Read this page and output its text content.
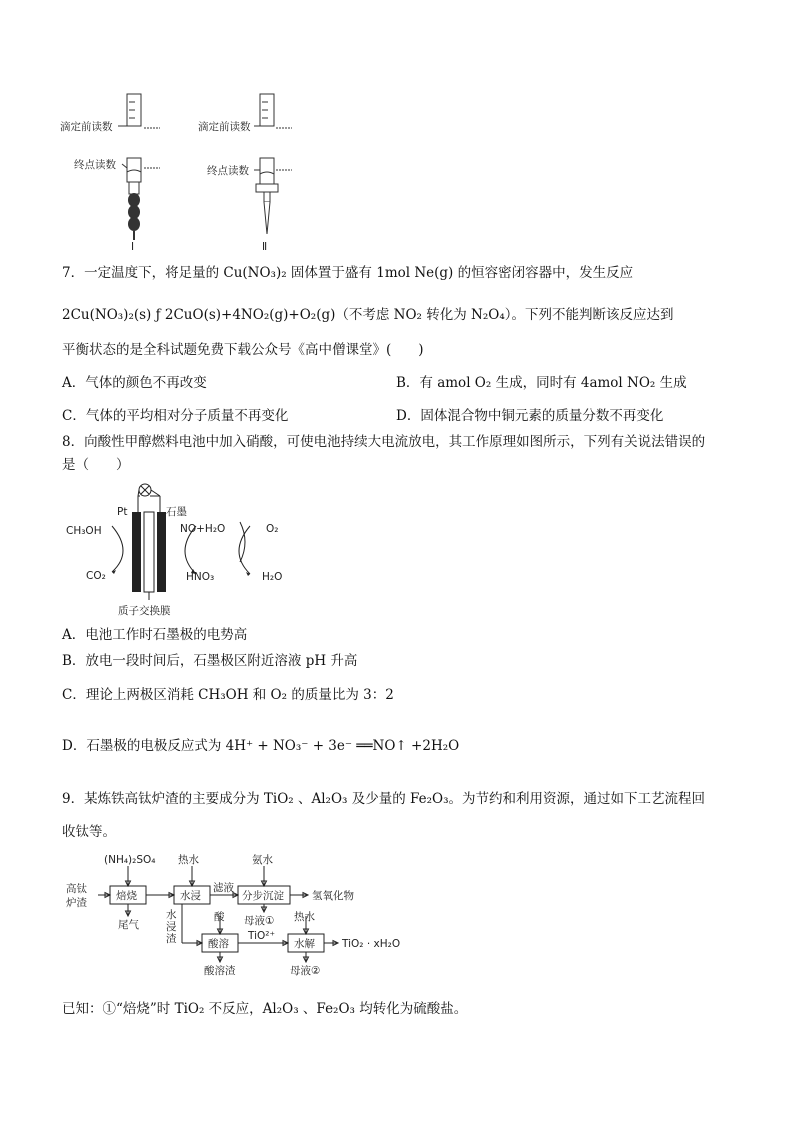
滴定前读数
终点读数
Ⅰ
滴定前读数
终点读数
Ⅱ
7．一定温度下，将足量的 Cu(NO₃)₂ 固体置于盛有 1mol Ne(g) 的恒容密闭容器中，发生反应
2Cu(NO₃)₂(s) ƒ 2CuO(s)+4NO₂(g)+O₂(g)（不考虑 NO₂ 转化为 N₂O₄）。下列不能判断该反应达到
平衡状态的是全科试题免费下载公众号《高中僧课堂》(　　)
A．气体的颜色不再改变	B．有 amol O₂ 生成，同时有 4amol NO₂ 生成
C．气体的平均相对分子质量不再变化	D．固体混合物中铜元素的质量分数不再变化
8．向酸性甲醇燃料电池中加入硝酸，可使电池持续大电流放电，其工作原理如图所示，下列有关说法错误的
是（　　）
Pt	石墨
CH₃OH
CO₂
NO+H₂O
HNO₃
O₂
H₂O
质子交换膜
A．电池工作时石墨极的电势高
B．放电一段时间后，石墨极区附近溶液 pH 升高
C．理论上两极区消耗 CH₃OH 和 O₂ 的质量比为 3：2
D．石墨极的电极反应式为 4H⁺ + NO₃⁻ + 3e⁻ ══NO↑ +2H₂O
9．某炼铁高钛炉渣的主要成分为 TiO₂ 、Al₂O₃ 及少量的 Fe₂O₃。为节约和利用资源，通过如下工艺流程回
收钛等。
(NH₄)₂SO₄
高钛
炉渣
焙烧
尾气
热水
水浸
滤液
氨水
分步沉淀	氢氧化物
水
浸
渣
酸 母液① 热水
酸溶
TiO²⁺
水解	TiO₂ · xH₂O
酸溶渣	母液②
已知：①“焙烧”时 TiO₂ 不反应，Al₂O₃ 、Fe₂O₃ 均转化为硫酸盐。
